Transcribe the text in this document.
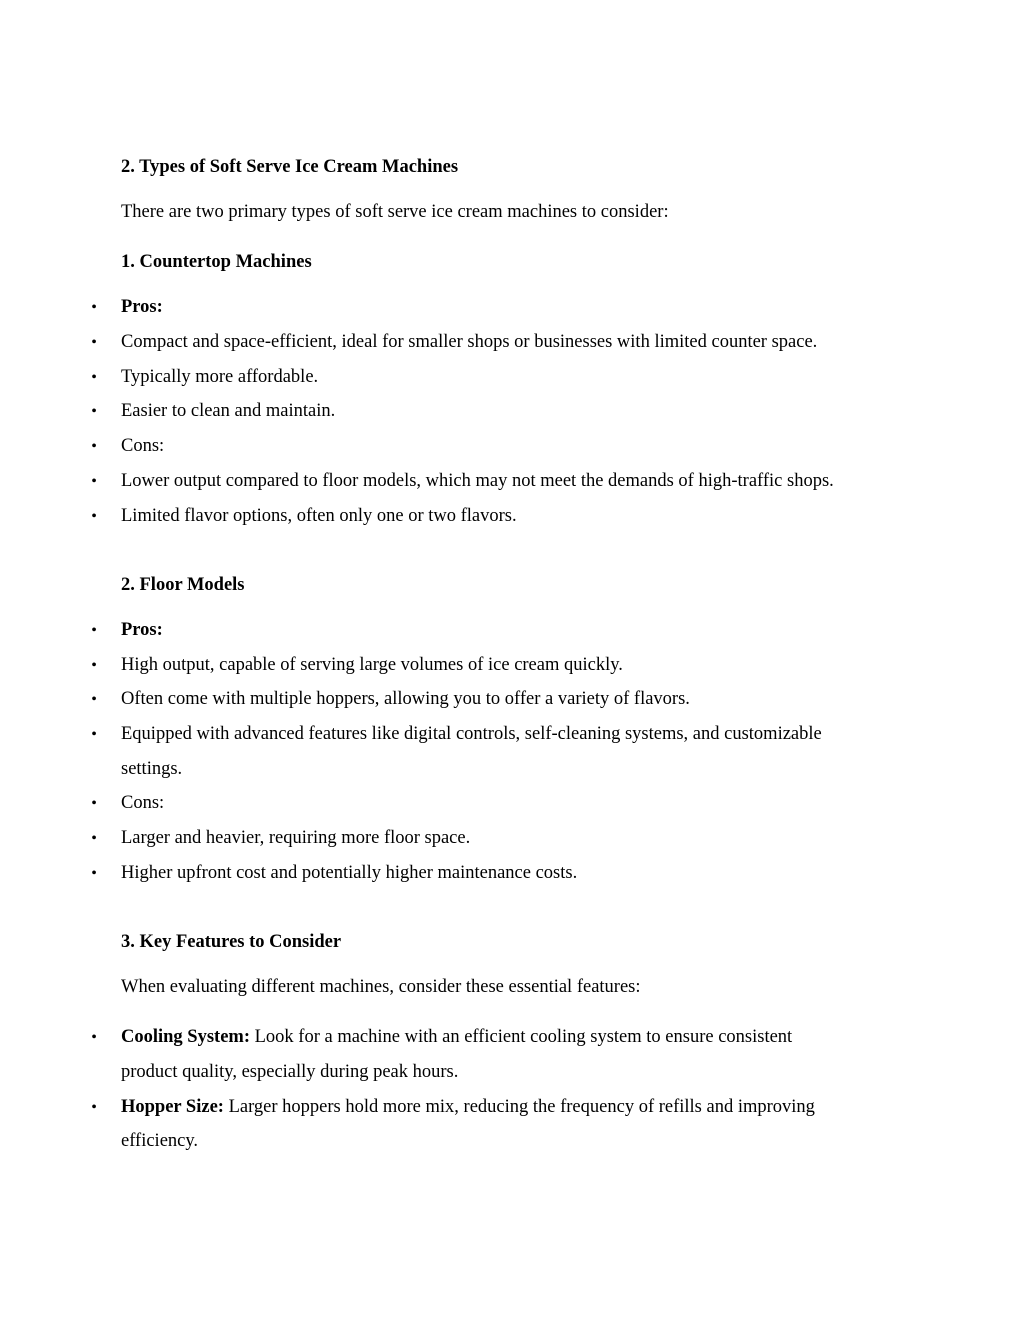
2. Types of Soft Serve Ice Cream Machines
There are two primary types of soft serve ice cream machines to consider:
1. Countertop Machines
• Pros:
• Compact and space-efficient, ideal for smaller shops or businesses with limited counter space.
• Typically more affordable.
• Easier to clean and maintain.
• Cons:
• Lower output compared to floor models, which may not meet the demands of high-traffic shops.
• Limited flavor options, often only one or two flavors.
2. Floor Models
• Pros:
• High output, capable of serving large volumes of ice cream quickly.
• Often come with multiple hoppers, allowing you to offer a variety of flavors.
• Equipped with advanced features like digital controls, self-cleaning systems, and customizable
settings.
• Cons:
• Larger and heavier, requiring more floor space.
• Higher upfront cost and potentially higher maintenance costs.
3. Key Features to Consider
When evaluating different machines, consider these essential features:
• Cooling System: Look for a machine with an efficient cooling system to ensure consistent
product quality, especially during peak hours.
• Hopper Size: Larger hoppers hold more mix, reducing the frequency of refills and improving
efficiency.
